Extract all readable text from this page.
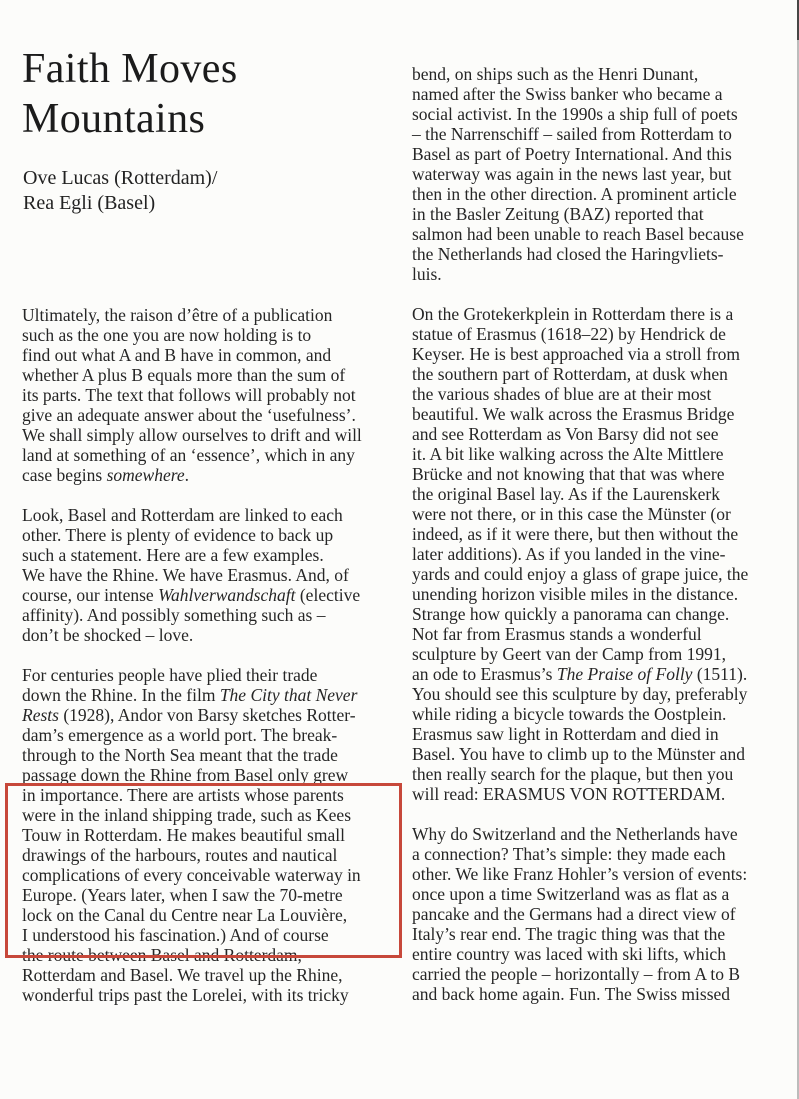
Faith Moves
Mountains
Ove Lucas (Rotterdam)/
Rea Egli (Basel)
Ultimately, the raison d’être of a publication
such as the one you are now holding is to
find out what A and B have in common, and
whether A plus B equals more than the sum of
its parts. The text that follows will probably not
give an adequate answer about the ‘usefulness’.
We shall simply allow ourselves to drift and will
land at something of an ‘essence’, which in any
case begins somewhere.
Look, Basel and Rotterdam are linked to each
other. There is plenty of evidence to back up
such a statement. Here are a few examples.
We have the Rhine. We have Erasmus. And, of
course, our intense Wahlverwandschaft (elective
affinity). And possibly something such as –
don’t be shocked – love.
For centuries people have plied their trade
down the Rhine. In the film The City that Never
Rests (1928), Andor von Barsy sketches Rotter-
dam’s emergence as a world port. The break-
through to the North Sea meant that the trade
passage down the Rhine from Basel only grew
in importance. There are artists whose parents
were in the inland shipping trade, such as Kees
Touw in Rotterdam. He makes beautiful small
drawings of the harbours, routes and nautical
complications of every conceivable waterway in
Europe. (Years later, when I saw the 70-metre
lock on the Canal du Centre near La Louvière,
I understood his fascination.) And of course
the route between Basel and Rotterdam,
Rotterdam and Basel. We travel up the Rhine,
wonderful trips past the Lorelei, with its tricky
bend, on ships such as the Henri Dunant,
named after the Swiss banker who became a
social activist. In the 1990s a ship full of poets
– the Narrenschiff – sailed from Rotterdam to
Basel as part of Poetry International. And this
waterway was again in the news last year, but
then in the other direction. A prominent article
in the Basler Zeitung (BAZ) reported that
salmon had been unable to reach Basel because
the Netherlands had closed the Haringvliets-
luis.
On the Grotekerkplein in Rotterdam there is a
statue of Erasmus (1618–22) by Hendrick de
Keyser. He is best approached via a stroll from
the southern part of Rotterdam, at dusk when
the various shades of blue are at their most
beautiful. We walk across the Erasmus Bridge
and see Rotterdam as Von Barsy did not see
it. A bit like walking across the Alte Mittlere
Brücke and not knowing that that was where
the original Basel lay. As if the Laurenskerk
were not there, or in this case the Münster (or
indeed, as if it were there, but then without the
later additions). As if you landed in the vine-
yards and could enjoy a glass of grape juice, the
unending horizon visible miles in the distance.
Strange how quickly a panorama can change.
Not far from Erasmus stands a wonderful
sculpture by Geert van der Camp from 1991,
an ode to Erasmus’s The Praise of Folly (1511).
You should see this sculpture by day, preferably
while riding a bicycle towards the Oostplein.
Erasmus saw light in Rotterdam and died in
Basel. You have to climb up to the Münster and
then really search for the plaque, but then you
will read: ERASMUS VON ROTTERDAM.
Why do Switzerland and the Netherlands have
a connection? That’s simple: they made each
other. We like Franz Hohler’s version of events:
once upon a time Switzerland was as flat as a
pancake and the Germans had a direct view of
Italy’s rear end. The tragic thing was that the
entire country was laced with ski lifts, which
carried the people – horizontally – from A to B
and back home again. Fun. The Swiss missed
